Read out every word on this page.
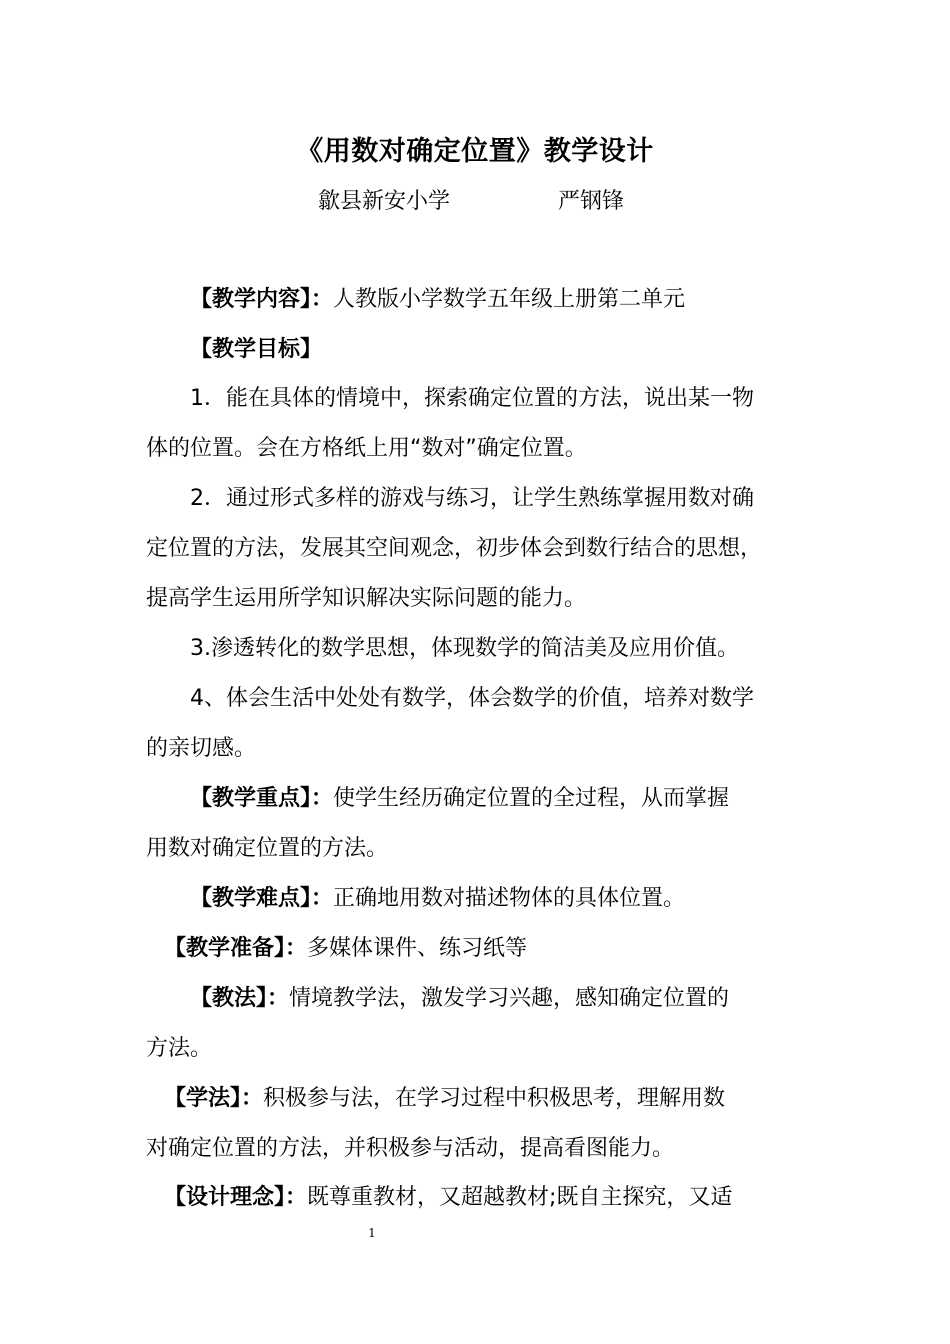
《用数对确定位置》教学设计
歙县新安小学	严钢锋
【教学内容】：人教版小学数学五年级上册第二单元
【教学目标】
1．能在具体的情境中，探索确定位置的方法，说出某一物
体的位置。会在方格纸上用“数对”确定位置。
2．通过形式多样的游戏与练习，让学生熟练掌握用数对确
定位置的方法，发展其空间观念，初步体会到数行结合的思想，
提高学生运用所学知识解决实际问题的能力。
3.渗透转化的数学思想，体现数学的简洁美及应用价值。
4、体会生活中处处有数学，体会数学的价值，培养对数学
的亲切感。
【教学重点】：使学生经历确定位置的全过程，从而掌握
用数对确定位置的方法。
【教学难点】：正确地用数对描述物体的具体位置。
【教学准备】：多媒体课件、练习纸等
【教法】：情境教学法，激发学习兴趣，感知确定位置的
方法。
【学法】：积极参与法，在学习过程中积极思考，理解用数
对确定位置的方法，并积极参与活动，提高看图能力。
【设计理念】：既尊重教材，又超越教材;既自主探究，又适
1
